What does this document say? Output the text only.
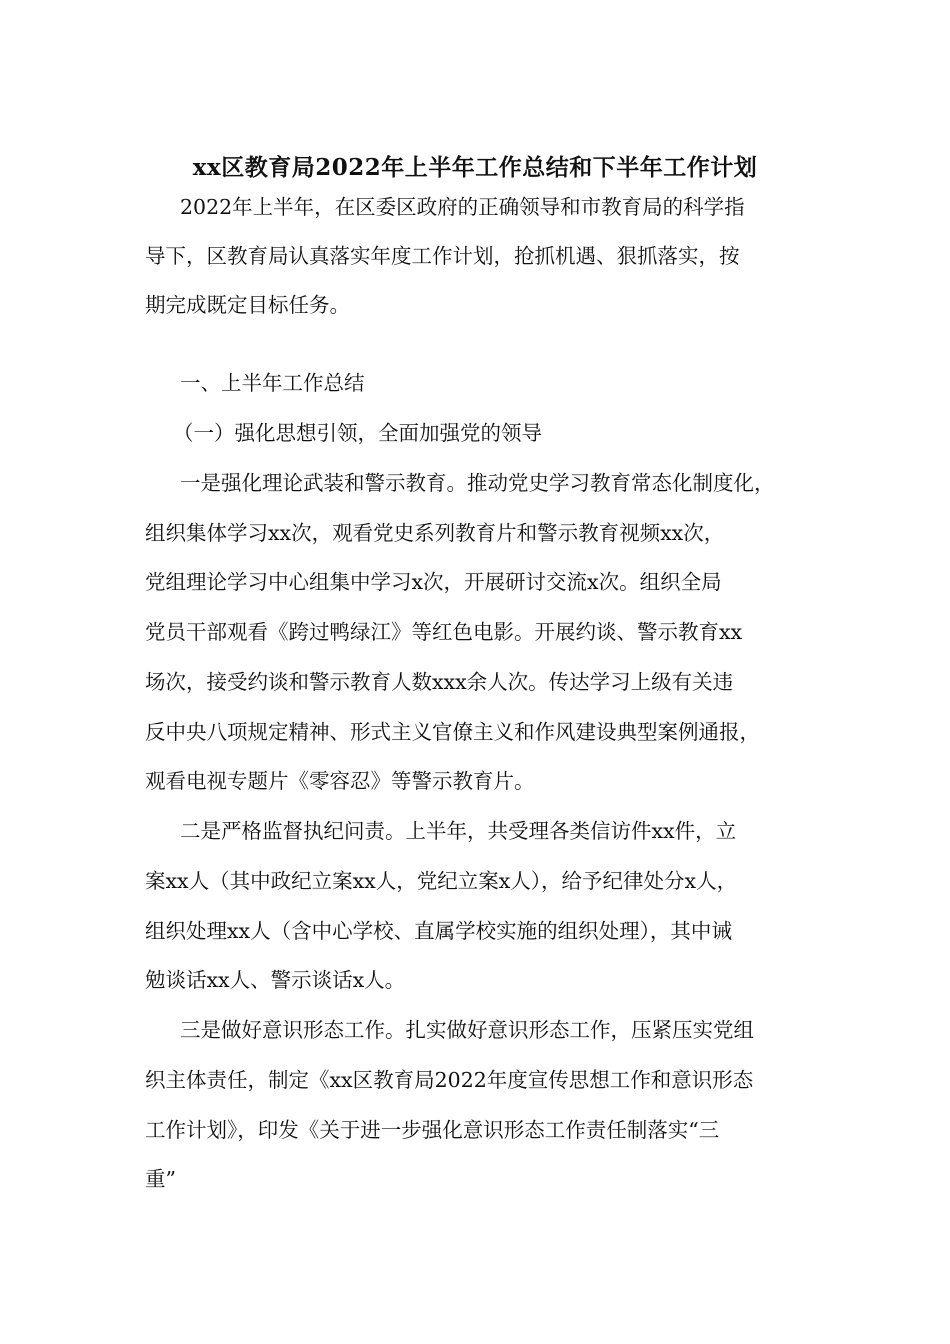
xx区教育局2022年上半年工作总结和下半年工作计划
2022年上半年，在区委区政府的正确领导和市教育局的科学指
导下，区教育局认真落实年度工作计划，抢抓机遇、狠抓落实，按
期完成既定目标任务。
一、上半年工作总结
（一）强化思想引领，全面加强党的领导
一是强化理论武装和警示教育。推动党史学习教育常态化制度化，
组织集体学习xx次，观看党史系列教育片和警示教育视频xx次，
党组理论学习中心组集中学习x次，开展研讨交流x次。组织全局
党员干部观看《跨过鸭绿江》等红色电影。开展约谈、警示教育xx
场次，接受约谈和警示教育人数xxx余人次。传达学习上级有关违
反中央八项规定精神、形式主义官僚主义和作风建设典型案例通报，
观看电视专题片《零容忍》等警示教育片。
二是严格监督执纪问责。上半年，共受理各类信访件xx件，立
案xx人（其中政纪立案xx人，党纪立案x人），给予纪律处分x人，
组织处理xx人（含中心学校、直属学校实施的组织处理），其中诫
勉谈话xx人、警示谈话x人。
三是做好意识形态工作。扎实做好意识形态工作，压紧压实党组
织主体责任，制定《xx区教育局2022年度宣传思想工作和意识形态
工作计划》，印发《关于进一步强化意识形态工作责任制落实“三
重”
